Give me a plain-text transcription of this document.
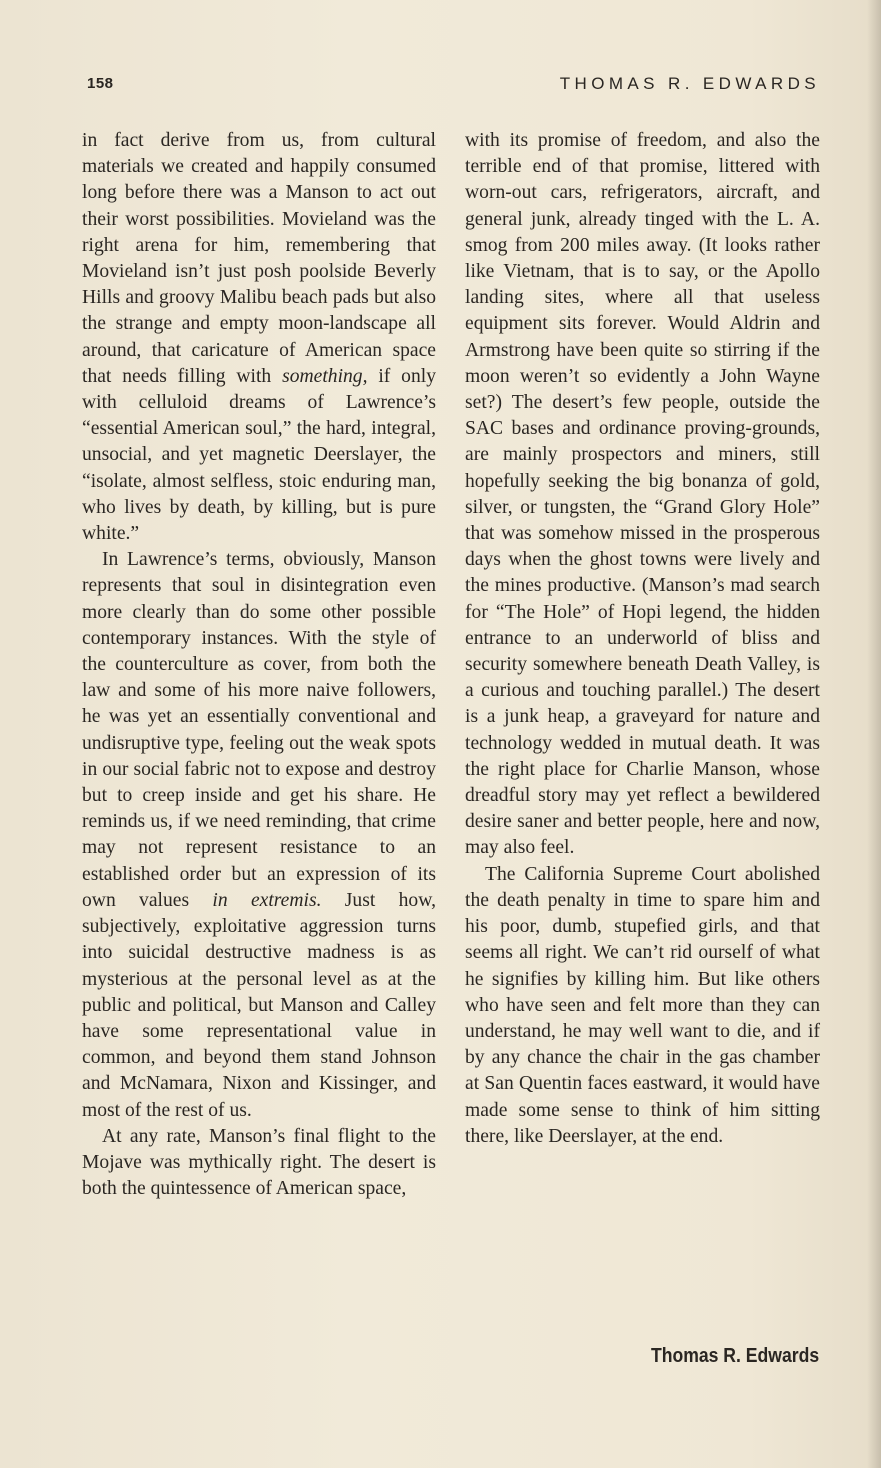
158	THOMAS R. EDWARDS

in fact derive from us, from cultural materials we created and happily consumed long before there was a Manson to act out their worst possibilities. Movieland was the right arena for him, remembering that Movieland isn’t just posh poolside Beverly Hills and groovy Malibu beach pads but also the strange and empty moon-landscape all around, that caricature of American space that needs filling with something, if only with celluloid dreams of Lawrence’s “essential American soul,” the hard, integral, unsocial, and yet magnetic Deerslayer, the “isolate, almost selfless, stoic enduring man, who lives by death, by killing, but is pure white.”

In Lawrence’s terms, obviously, Manson represents that soul in disintegration even more clearly than do some other possible contemporary instances. With the style of the counterculture as cover, from both the law and some of his more naive followers, he was yet an essentially conventional and undisruptive type, feeling out the weak spots in our social fabric not to expose and destroy but to creep inside and get his share. He reminds us, if we need reminding, that crime may not represent resistance to an established order but an expression of its own values in extremis. Just how, subjectively, exploitative aggression turns into suicidal destructive madness is as mysterious at the personal level as at the public and political, but Manson and Calley have some representational value in common, and beyond them stand Johnson and McNamara, Nixon and Kissinger, and most of the rest of us.

At any rate, Manson’s final flight to the Mojave was mythically right. The desert is both the quintessence of American space,

with its promise of freedom, and also the terrible end of that promise, littered with worn-out cars, refrigerators, aircraft, and general junk, already tinged with the L. A. smog from 200 miles away. (It looks rather like Vietnam, that is to say, or the Apollo landing sites, where all that useless equipment sits forever. Would Aldrin and Armstrong have been quite so stirring if the moon weren’t so evidently a John Wayne set?) The desert’s few people, outside the SAC bases and ordinance proving-grounds, are mainly prospectors and miners, still hopefully seeking the big bonanza of gold, silver, or tungsten, the “Grand Glory Hole” that was somehow missed in the prosperous days when the ghost towns were lively and the mines productive. (Manson’s mad search for “The Hole” of Hopi legend, the hidden entrance to an underworld of bliss and security somewhere beneath Death Valley, is a curious and touching parallel.) The desert is a junk heap, a graveyard for nature and technology wedded in mutual death. It was the right place for Charlie Manson, whose dreadful story may yet reflect a bewildered desire saner and better people, here and now, may also feel.

The California Supreme Court abolished the death penalty in time to spare him and his poor, dumb, stupefied girls, and that seems all right. We can’t rid ourself of what he signifies by killing him. But like others who have seen and felt more than they can understand, he may well want to die, and if by any chance the chair in the gas chamber at San Quentin faces eastward, it would have made some sense to think of him sitting there, like Deerslayer, at the end.

Thomas R. Edwards
